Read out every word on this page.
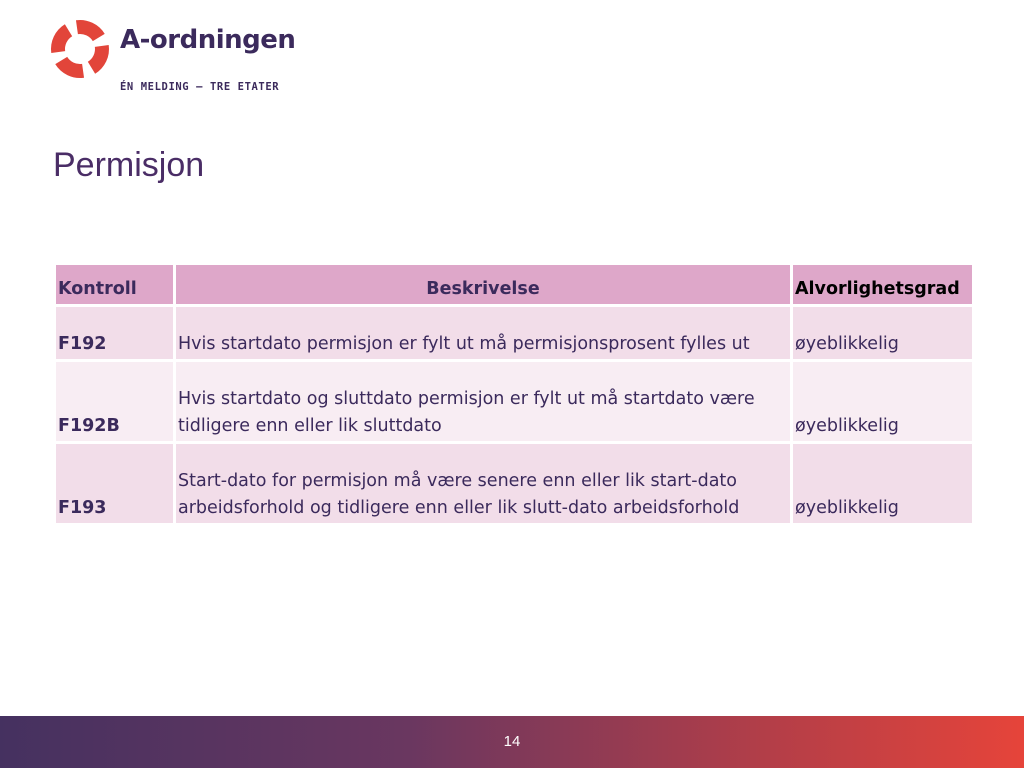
A-ordningen
ÉN MELDING – TRE ETATER
Permisjon
Kontroll	Beskrivelse	Alvorlighetsgrad
F192	Hvis startdato permisjon er fylt ut må permisjonsprosent fylles ut	øyeblikkelig
F192B	Hvis startdato og sluttdato permisjon er fylt ut må startdato være tidligere enn eller lik sluttdato	øyeblikkelig
F193	Start-dato for permisjon må være senere enn eller lik start-dato arbeidsforhold og tidligere enn eller lik slutt-dato arbeidsforhold	øyeblikkelig
14
